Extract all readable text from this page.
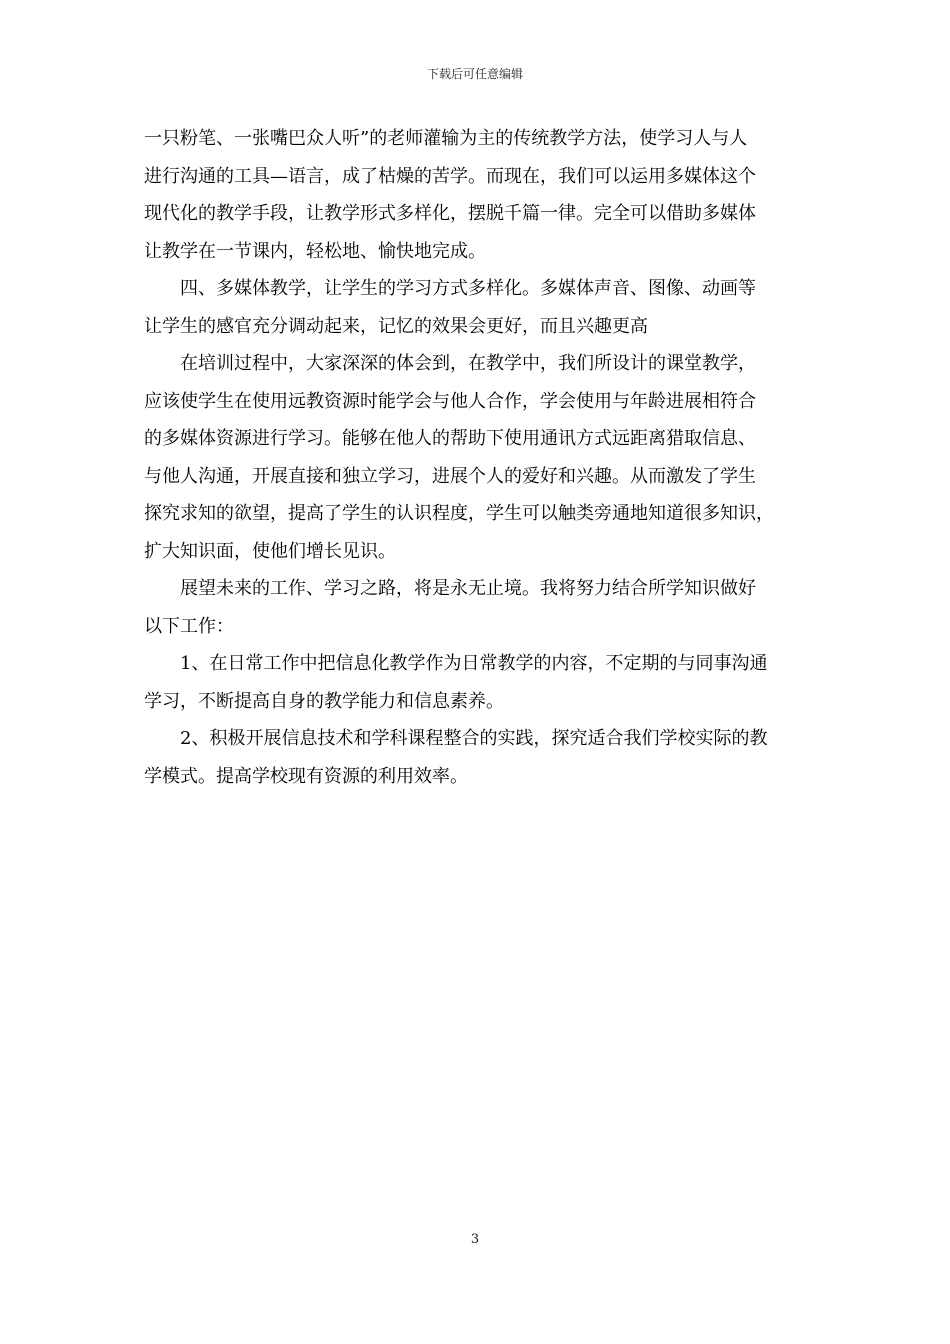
下载后可任意编辑

一只粉笔、一张嘴巴众人听”的老师灌输为主的传统教学方法，使学习人与人
进行沟通的工具—语言，成了枯燥的苦学。而现在，我们可以运用多媒体这个
现代化的教学手段，让教学形式多样化，摆脱千篇一律。完全可以借助多媒体
让教学在一节课内，轻松地、愉快地完成。

四、多媒体教学，让学生的学习方式多样化。多媒体声音、图像、动画等
让学生的感官充分调动起来，记忆的效果会更好，而且兴趣更高

在培训过程中，大家深深的体会到，在教学中，我们所设计的课堂教学，
应该使学生在使用远教资源时能学会与他人合作，学会使用与年龄进展相符合
的多媒体资源进行学习。能够在他人的帮助下使用通讯方式远距离猎取信息、
与他人沟通，开展直接和独立学习，进展个人的爱好和兴趣。从而激发了学生
探究求知的欲望，提高了学生的认识程度，学生可以触类旁通地知道很多知识，
扩大知识面，使他们增长见识。

展望未来的工作、学习之路，将是永无止境。我将努力结合所学知识做好
以下工作：

1、在日常工作中把信息化教学作为日常教学的内容，不定期的与同事沟通
学习，不断提高自身的教学能力和信息素养。

2、积极开展信息技术和学科课程整合的实践，探究适合我们学校实际的教
学模式。提高学校现有资源的利用效率。

3
